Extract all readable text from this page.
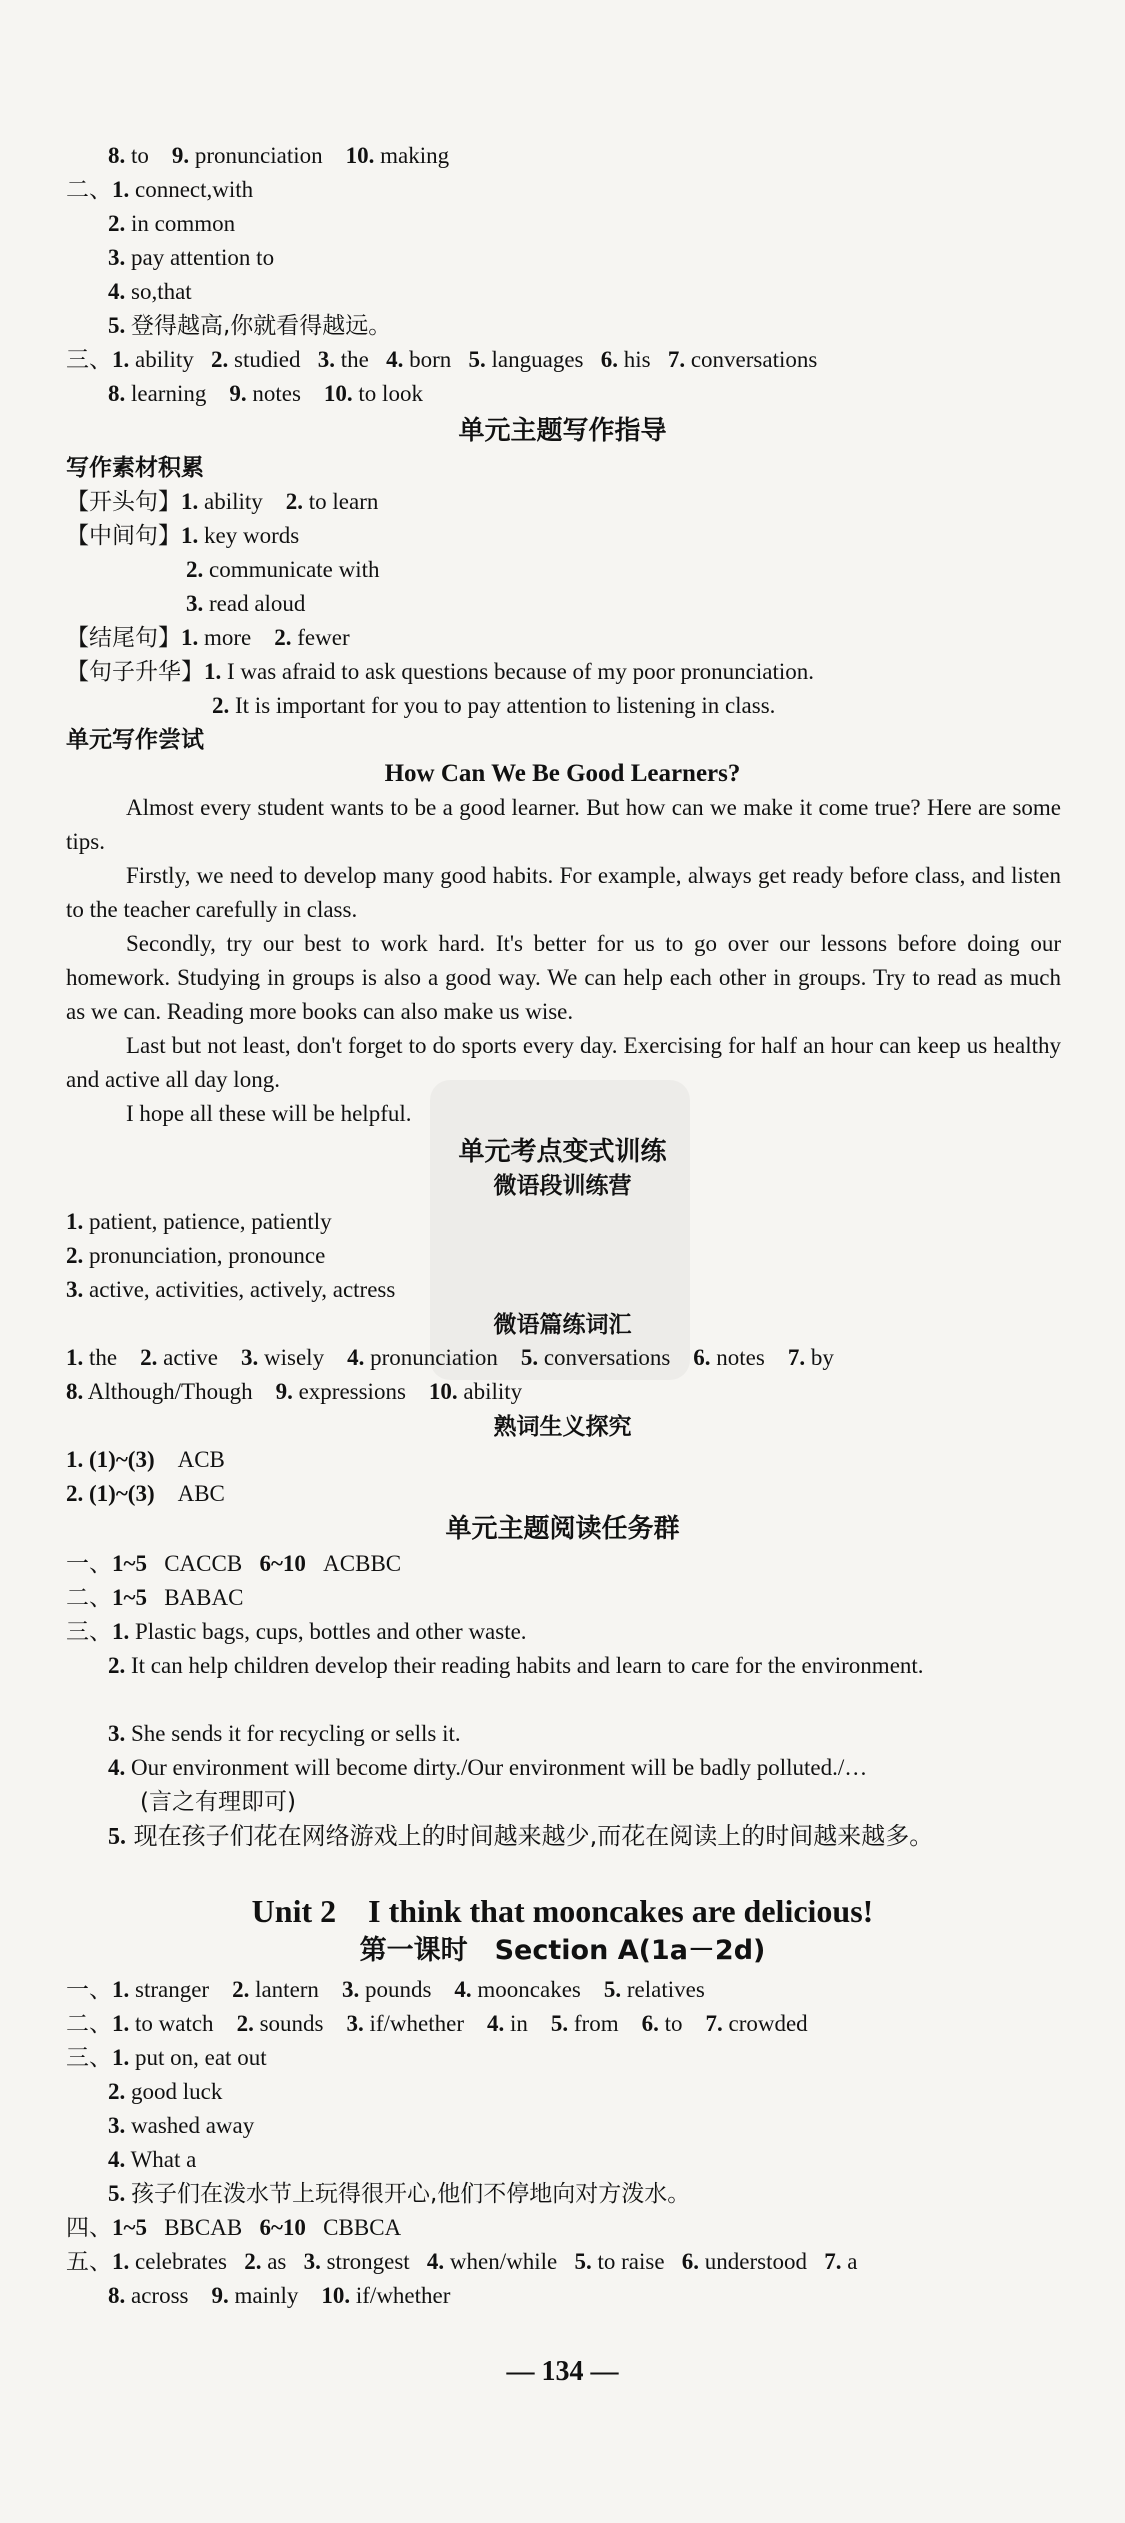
8. to 9. pronunciation 10. making
二、1. connect,with
2. in common
3. pay attention to
4. so,that
5. 登得越高,你就看得越远。
三、1. ability 2. studied 3. the 4. born 5. languages 6. his 7. conversations
8. learning 9. notes 10. to look
单元主题写作指导
写作素材积累
【开头句】1. ability 2. to learn
【中间句】1. key words
2. communicate with
3. read aloud
【结尾句】1. more 2. fewer
【句子升华】1. I was afraid to ask questions because of my poor pronunciation.
2. It is important for you to pay attention to listening in class.
单元写作尝试
How Can We Be Good Learners?
Almost every student wants to be a good learner. But how can we make it come true? Here are some tips.
Firstly, we need to develop many good habits. For example, always get ready before class, and listen to the teacher carefully in class.
Secondly, try our best to work hard. It's better for us to go over our lessons before doing our homework. Studying in groups is also a good way. We can help each other in groups. Try to read as much as we can. Reading more books can also make us wise.
Last but not least, don't forget to do sports every day. Exercising for half an hour can keep us healthy and active all day long.
I hope all these will be helpful.
单元考点变式训练
微语段训练营
1. patient, patience, patiently
2. pronunciation, pronounce
3. active, activities, actively, actress
微语篇练词汇
1. the 2. active 3. wisely 4. pronunciation 5. conversations 6. notes 7. by
8. Although/Though 9. expressions 10. ability
熟词生义探究
1. (1)~(3) ACB
2. (1)~(3) ABC
单元主题阅读任务群
一、1~5 CACCB 6~10 ACBBC
二、1~5 BABAC
三、1. Plastic bags, cups, bottles and other waste.
2. It can help children develop their reading habits and learn to care for the environment.
3. She sends it for recycling or sells it.
4. Our environment will become dirty./Our environment will be badly polluted./…
(言之有理即可)
5. 现在孩子们花在网络游戏上的时间越来越少,而花在阅读上的时间越来越多。
Unit 2　I think that mooncakes are delicious!
第一课时　Section A(1a－2d)
一、1. stranger 2. lantern 3. pounds 4. mooncakes 5. relatives
二、1. to watch 2. sounds 3. if/whether 4. in 5. from 6. to 7. crowded
三、1. put on, eat out
2. good luck
3. washed away
4. What a
5. 孩子们在泼水节上玩得很开心,他们不停地向对方泼水。
四、1~5 BBCAB 6~10 CBBCA
五、1. celebrates 2. as 3. strongest 4. when/while 5. to raise 6. understood 7. a
8. across 9. mainly 10. if/whether
— 134 —
